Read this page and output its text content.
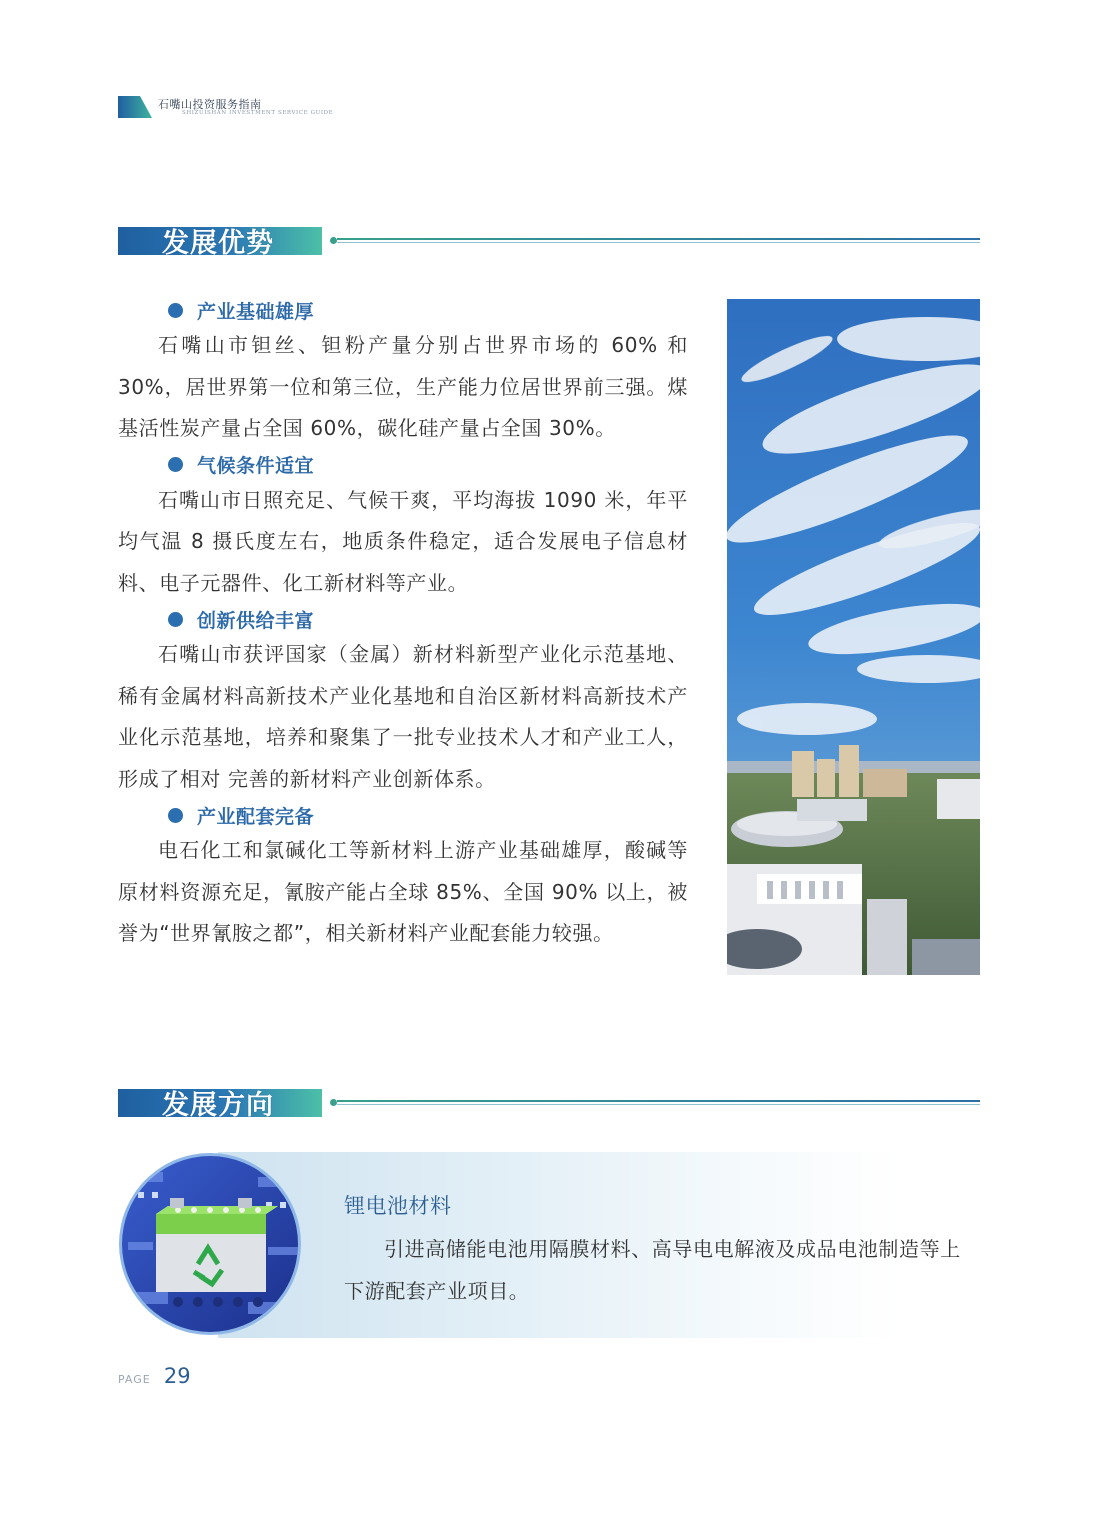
石嘴山投资服务指南
SHIZUISHAN INVESTMENT SERVICE GUIDE
发展优势
产业基础雄厚

石嘴山市钽丝、钽粉产量分别占世界市场的 60% 和 30%，居世界第一位和第三位，生产能力位居世界前三强。煤基活性炭产量占全国 60%，碳化硅产量占全国 30%。

气候条件适宜

石嘴山市日照充足、气候干爽，平均海拔 1090 米，年平均气温 8 摄氏度左右，地质条件稳定，适合发展电子信息材料、电子元器件、化工新材料等产业。

创新供给丰富

石嘴山市获评国家（金属）新材料新型产业化示范基地、稀有金属材料高新技术产业化基地和自治区新材料高新技术产业化示范基地，培养和聚集了一批专业技术人才和产业工人，形成了相对 完善的新材料产业创新体系。

产业配套完备

电石化工和氯碱化工等新材料上游产业基础雄厚，酸碱等原材料资源充足，氰胺产能占全球 85%、全国 90% 以上，被誉为“世界氰胺之都”，相关新材料产业配套能力较强。

发展方向
锂电池材料

引进高储能电池用隔膜材料、高导电电解液及成品电池制造等上下游配套产业项目。

PAGE 29
